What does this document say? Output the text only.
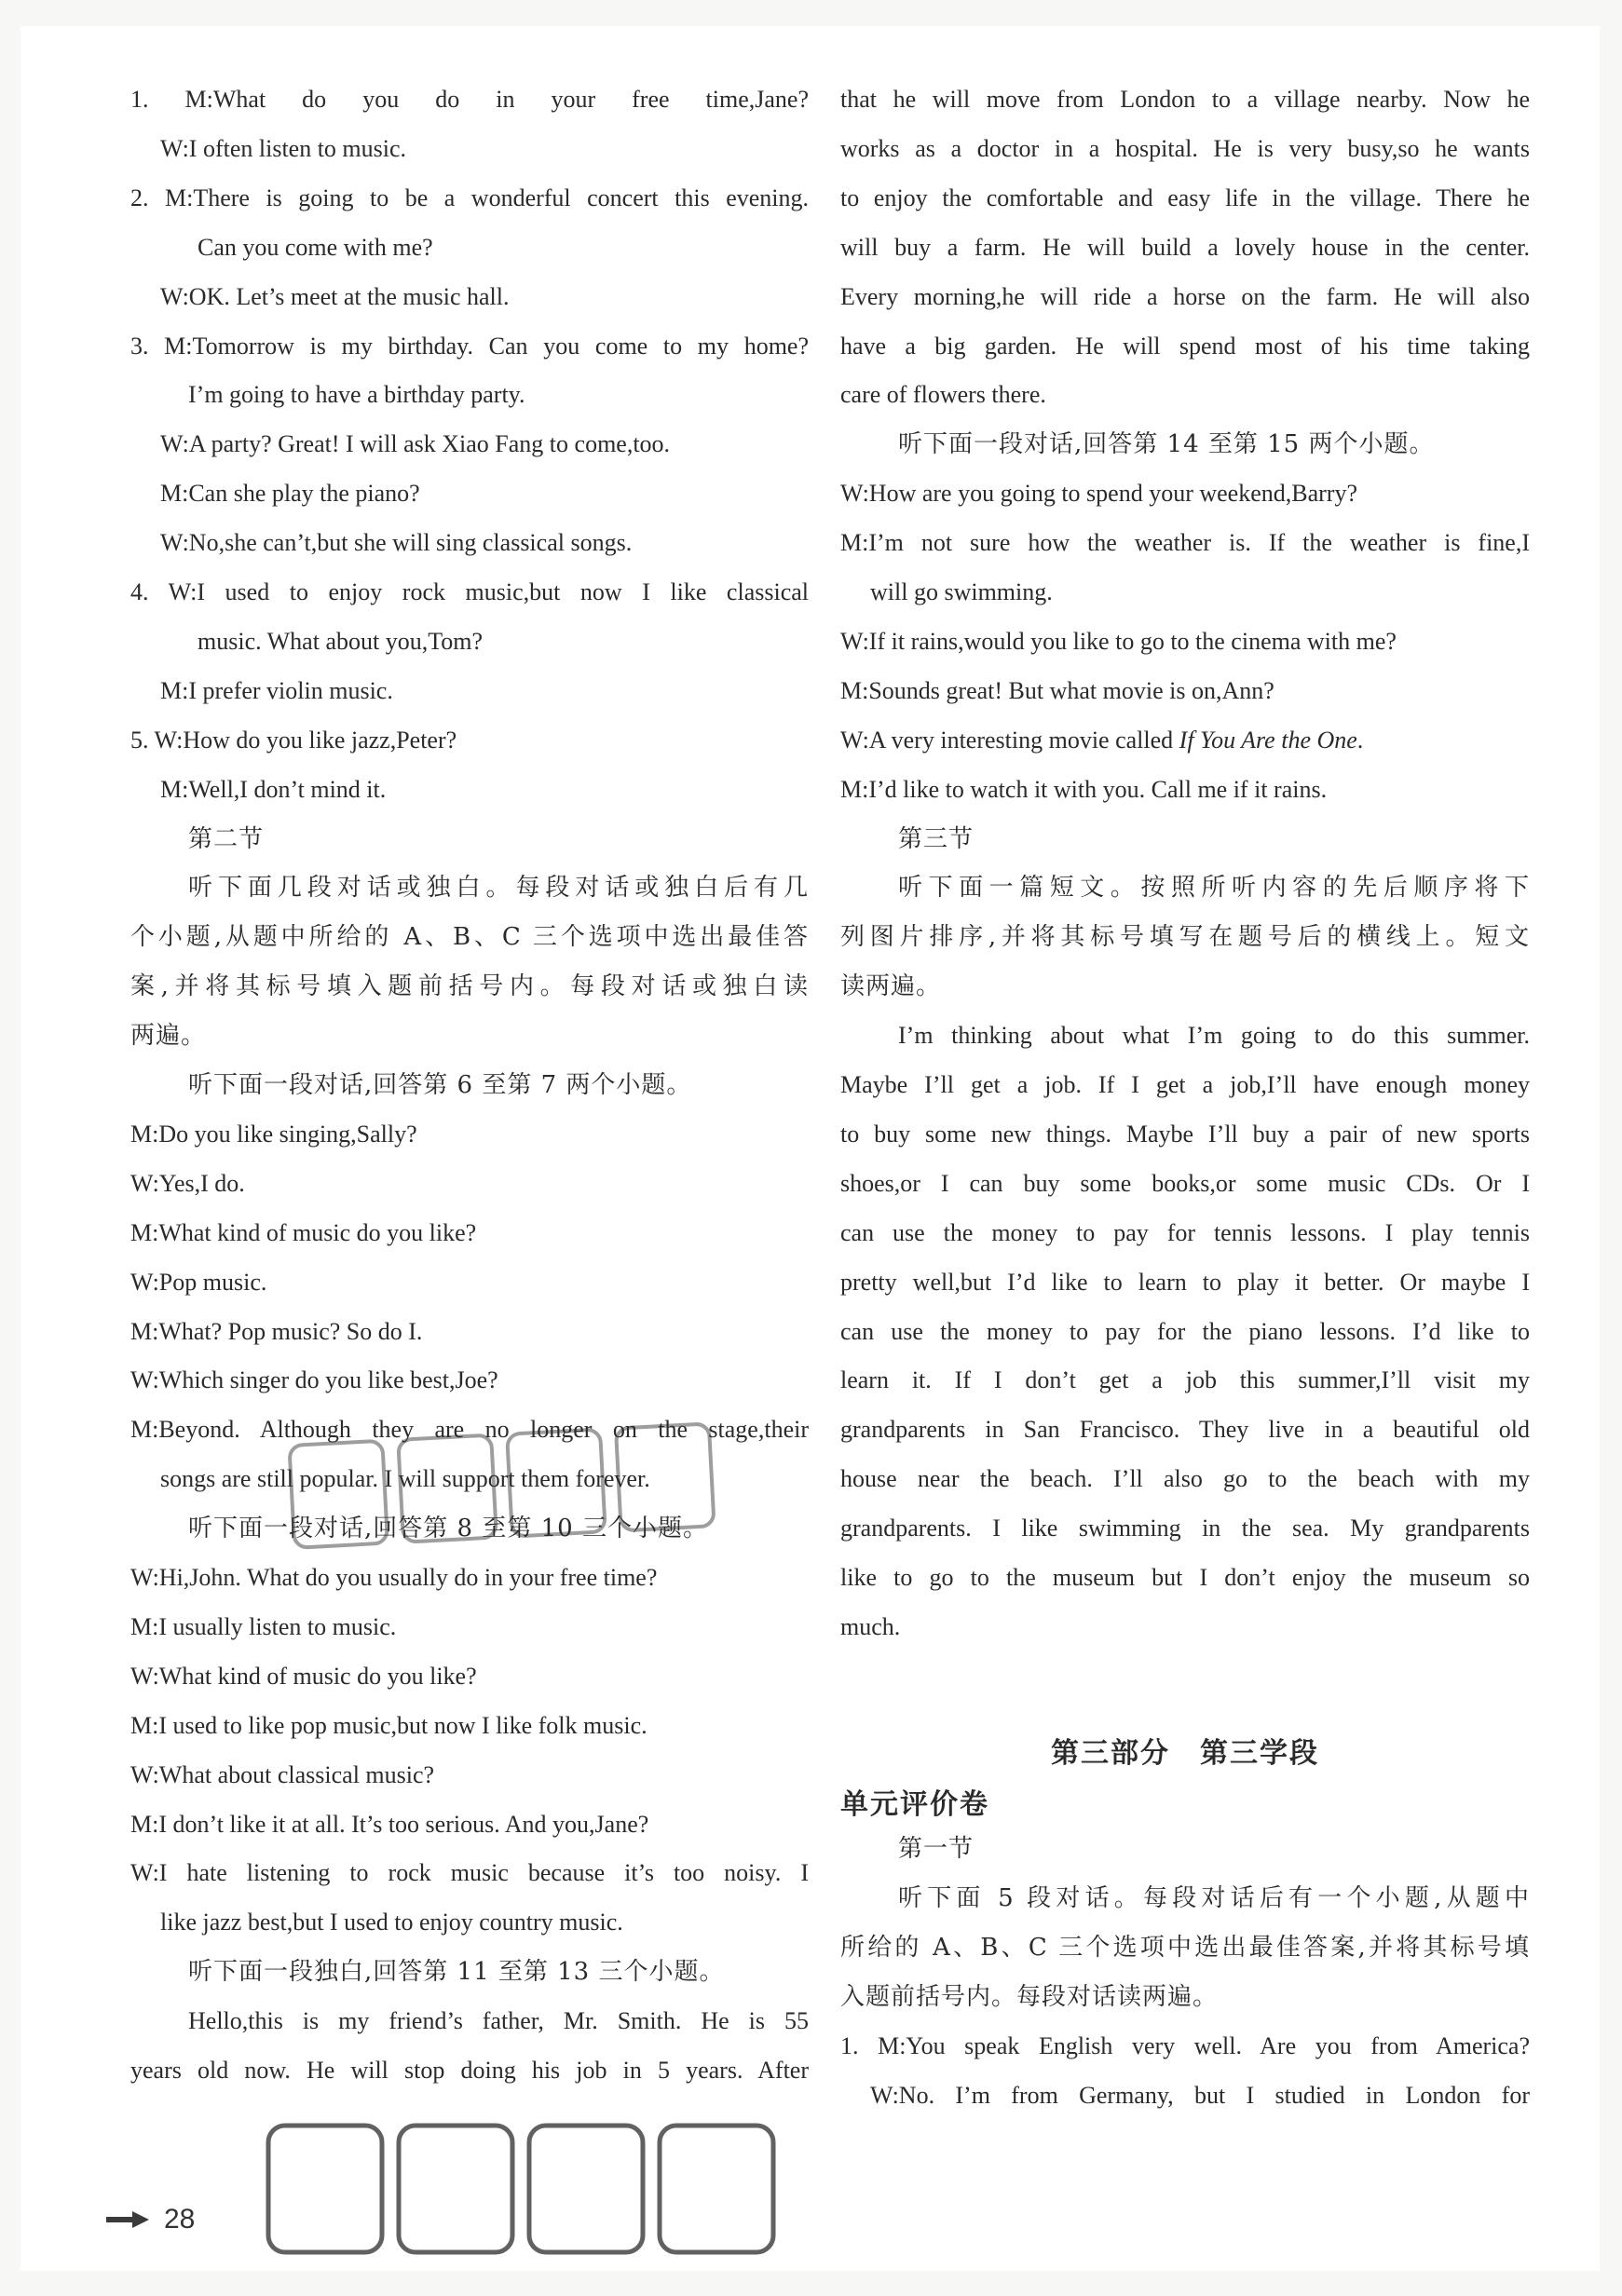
1. M:What do you do in your free time,Jane?
W:I often listen to music.
2. M:There is going to be a wonderful concert this evening.
Can you come with me?
W:OK. Let’s meet at the music hall.
3. M:Tomorrow is my birthday. Can you come to my home?
I’m going to have a birthday party.
W:A party? Great! I will ask Xiao Fang to come,too.
M:Can she play the piano?
W:No,she can’t,but she will sing classical songs.
4. W:I used to enjoy rock music,but now I like classical
music. What about you,Tom?
M:I prefer violin music.
5. W:How do you like jazz,Peter?
M:Well,I don’t mind it.
第二节
听下面几段对话或独白。每段对话或独白后有几
个小题,从题中所给的 A、B、C 三个选项中选出最佳答
案,并将其标号填入题前括号内。每段对话或独白读
两遍。
听下面一段对话,回答第 6 至第 7 两个小题。
M:Do you like singing,Sally?
W:Yes,I do.
M:What kind of music do you like?
W:Pop music.
M:What? Pop music? So do I.
W:Which singer do you like best,Joe?
M:Beyond. Although they are no longer on the stage,their
songs are still popular. I will support them forever.
听下面一段对话,回答第 8 至第 10 三个小题。
W:Hi,John. What do you usually do in your free time?
M:I usually listen to music.
W:What kind of music do you like?
M:I used to like pop music,but now I like folk music.
W:What about classical music?
M:I don’t like it at all. It’s too serious. And you,Jane?
W:I hate listening to rock music because it’s too noisy. I
like jazz best,but I used to enjoy country music.
听下面一段独白,回答第 11 至第 13 三个小题。
Hello,this is my friend’s father, Mr. Smith. He is 55
years old now. He will stop doing his job in 5 years. After
that he will move from London to a village nearby. Now he
works as a doctor in a hospital. He is very busy,so he wants
to enjoy the comfortable and easy life in the village. There he
will buy a farm. He will build a lovely house in the center.
Every morning,he will ride a horse on the farm. He will also
have a big garden. He will spend most of his time taking
care of flowers there.
听下面一段对话,回答第 14 至第 15 两个小题。
W:How are you going to spend your weekend,Barry?
M:I’m not sure how the weather is. If the weather is fine,I
will go swimming.
W:If it rains,would you like to go to the cinema with me?
M:Sounds great! But what movie is on,Ann?
W:A very interesting movie called If You Are the One.
M:I’d like to watch it with you. Call me if it rains.
第三节
听下面一篇短文。按照所听内容的先后顺序将下
列图片排序,并将其标号填写在题号后的横线上。短文
读两遍。
I’m thinking about what I’m going to do this summer.
Maybe I’ll get a job. If I get a job,I’ll have enough money
to buy some new things. Maybe I’ll buy a pair of new sports
shoes,or I can buy some books,or some music CDs. Or I
can use the money to pay for tennis lessons. I play tennis
pretty well,but I’d like to learn to play it better. Or maybe I
can use the money to pay for the piano lessons. I’d like to
learn it. If I don’t get a job this summer,I’ll visit my
grandparents in San Francisco. They live in a beautiful old
house near the beach. I’ll also go to the beach with my
grandparents. I like swimming in the sea. My grandparents
like to go to the museum but I don’t enjoy the museum so
much.
第三部分　第三学段
单元评价卷
第一节
听下面 5 段对话。每段对话后有一个小题,从题中
所给的 A、B、C 三个选项中选出最佳答案,并将其标号填
入题前括号内。每段对话读两遍。
1. M:You speak English very well. Are you from America?
W:No. I’m from Germany, but I studied in London for
28
